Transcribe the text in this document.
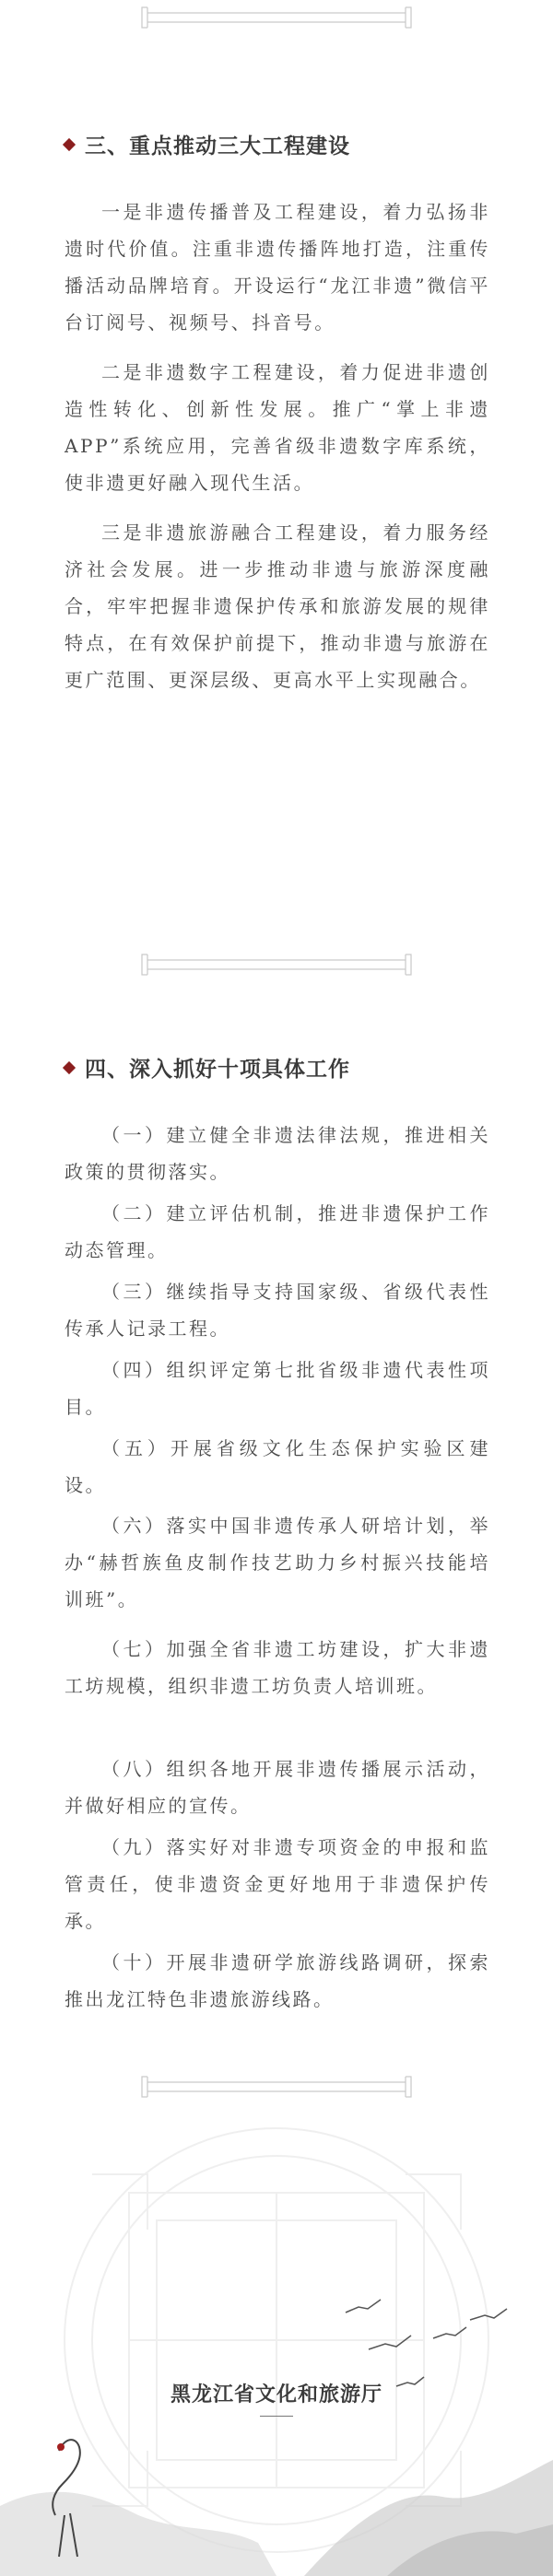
三、重点推动三大工程建设

一是非遗传播普及工程建设，着力弘扬非遗时代价值。注重非遗传播阵地打造，注重传播活动品牌培育。开设运行“龙江非遗”微信平台订阅号、视频号、抖音号。

二是非遗数字工程建设，着力促进非遗创造性转化、创新性发展。推广“掌上非遗APP”系统应用，完善省级非遗数字库系统，使非遗更好融入现代生活。

三是非遗旅游融合工程建设，着力服务经济社会发展。进一步推动非遗与旅游深度融合，牢牢把握非遗保护传承和旅游发展的规律特点，在有效保护前提下，推动非遗与旅游在更广范围、更深层级、更高水平上实现融合。

四、深入抓好十项具体工作

（一）建立健全非遗法律法规，推进相关政策的贯彻落实。

（二）建立评估机制，推进非遗保护工作动态管理。

（三）继续指导支持国家级、省级代表性传承人记录工程。

（四）组织评定第七批省级非遗代表性项目。

（五）开展省级文化生态保护实验区建设。

（六）落实中国非遗传承人研培计划，举办“赫哲族鱼皮制作技艺助力乡村振兴技能培训班”。

（七）加强全省非遗工坊建设，扩大非遗工坊规模，组织非遗工坊负责人培训班。

（八）组织各地开展非遗传播展示活动，并做好相应的宣传。

（九）落实好对非遗专项资金的申报和监管责任，使非遗资金更好地用于非遗保护传承。

（十）开展非遗研学旅游线路调研，探索推出龙江特色非遗旅游线路。

黑龙江省文化和旅游厅
